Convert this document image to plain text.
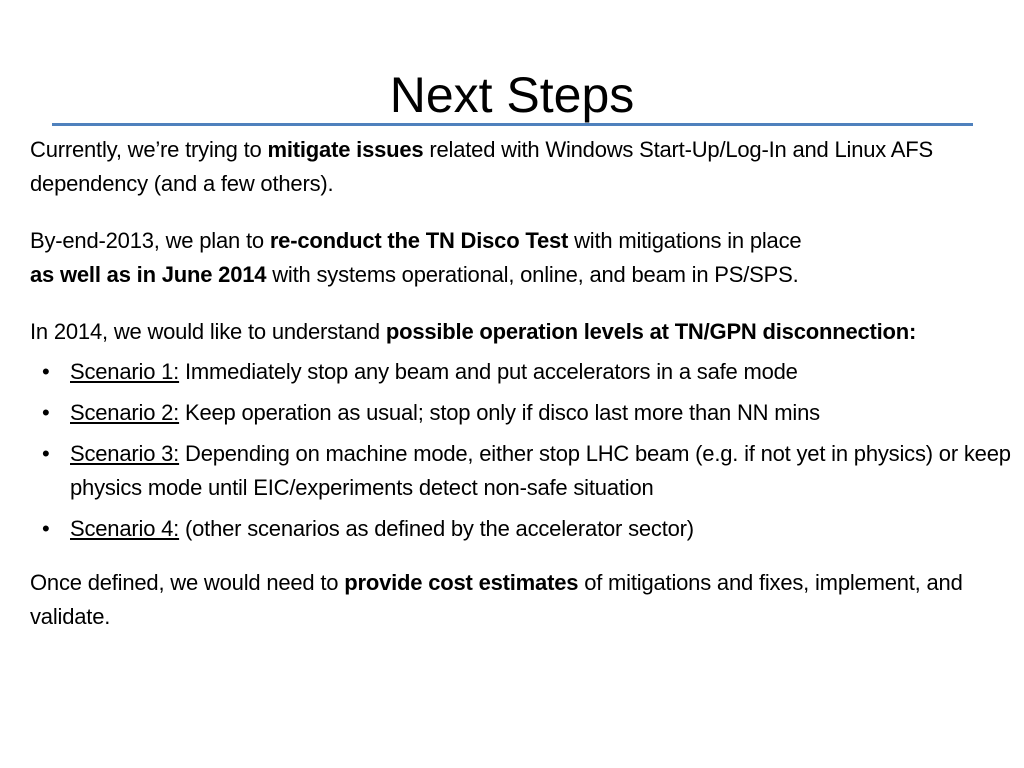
Next Steps

Currently, we’re trying to mitigate issues related with Windows Start-Up/Log-In and Linux AFS dependency (and a few others).

By-end-2013, we plan to re-conduct the TN Disco Test with mitigations in place
as well as in June 2014 with systems operational, online, and beam in PS/SPS.

In 2014, we would like to understand possible operation levels at TN/GPN disconnection:

• Scenario 1: Immediately stop any beam and put accelerators in a safe mode
• Scenario 2: Keep operation as usual; stop only if disco last more than NN mins
• Scenario 3: Depending on machine mode, either stop LHC beam (e.g. if not yet in physics) or keep physics mode until EIC/experiments detect non-safe situation
• Scenario 4: (other scenarios as defined by the accelerator sector)

Once defined, we would need to provide cost estimates of mitigations and fixes, implement, and validate.
